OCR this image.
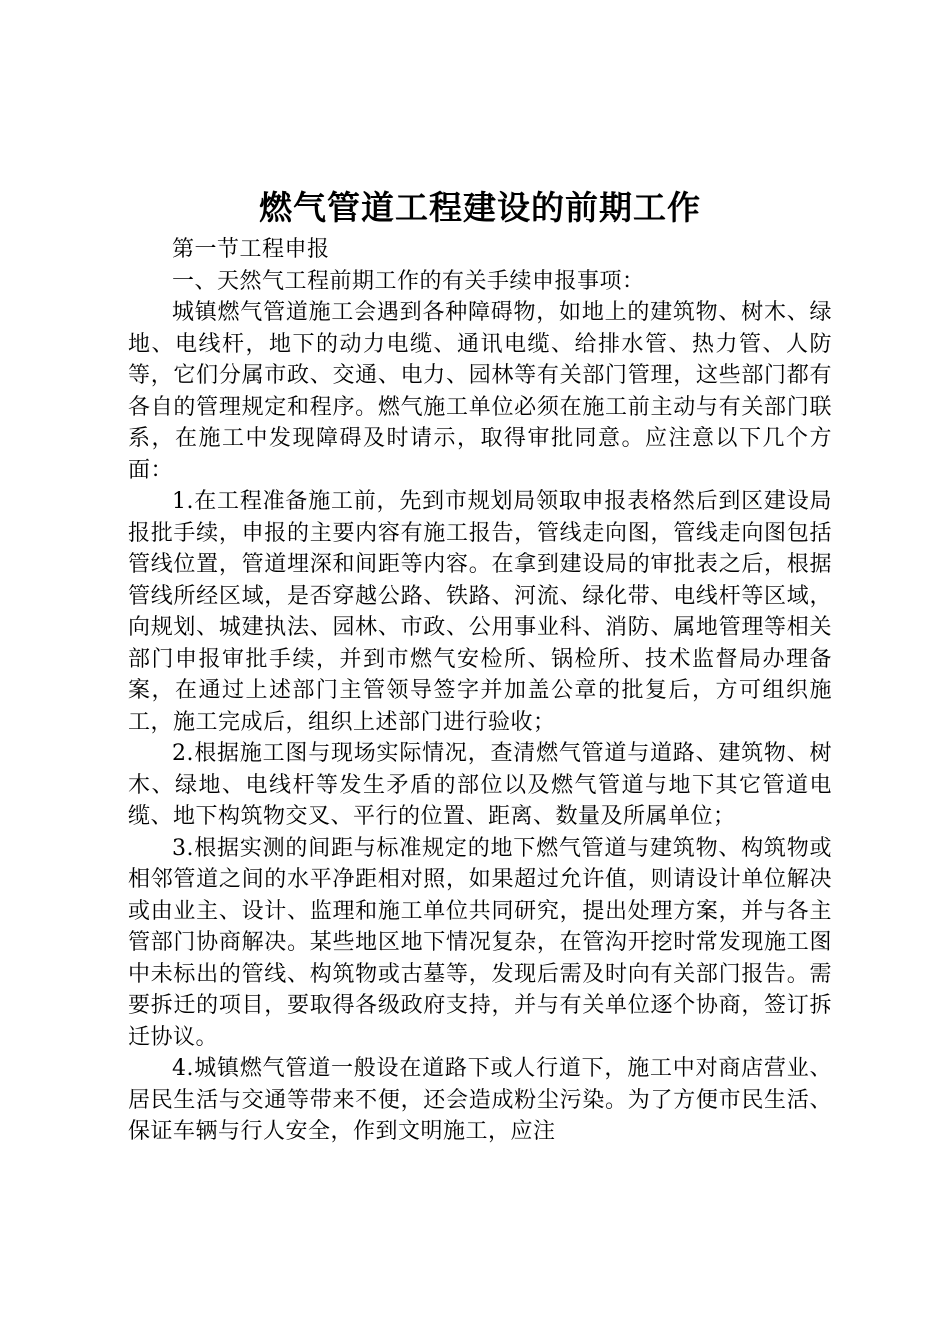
燃气管道工程建设的前期工作

第一节工程申报

一、天然气工程前期工作的有关手续申报事项：

城镇燃气管道施工会遇到各种障碍物，如地上的建筑物、树木、绿地、电线杆，地下的动力电缆、通讯电缆、给排水管、热力管、人防等，它们分属市政、交通、电力、园林等有关部门管理，这些部门都有各自的管理规定和程序。燃气施工单位必须在施工前主动与有关部门联系，在施工中发现障碍及时请示，取得审批同意。应注意以下几个方面：

1.在工程准备施工前，先到市规划局领取申报表格然后到区建设局报批手续，申报的主要内容有施工报告，管线走向图，管线走向图包括管线位置，管道埋深和间距等内容。在拿到建设局的审批表之后，根据管线所经区域，是否穿越公路、铁路、河流、绿化带、电线杆等区域，向规划、城建执法、园林、市政、公用事业科、消防、属地管理等相关部门申报审批手续，并到市燃气安检所、锅检所、技术监督局办理备案，在通过上述部门主管领导签字并加盖公章的批复后，方可组织施工，施工完成后，组织上述部门进行验收；

2.根据施工图与现场实际情况，查清燃气管道与道路、建筑物、树木、绿地、电线杆等发生矛盾的部位以及燃气管道与地下其它管道电缆、地下构筑物交叉、平行的位置、距离、数量及所属单位；

3.根据实测的间距与标准规定的地下燃气管道与建筑物、构筑物或相邻管道之间的水平净距相对照，如果超过允许值，则请设计单位解决或由业主、设计、监理和施工单位共同研究，提出处理方案，并与各主管部门协商解决。某些地区地下情况复杂，在管沟开挖时常发现施工图中未标出的管线、构筑物或古墓等，发现后需及时向有关部门报告。需要拆迁的项目，要取得各级政府支持，并与有关单位逐个协商，签订拆迁协议。

4.城镇燃气管道一般设在道路下或人行道下，施工中对商店营业、居民生活与交通等带来不便，还会造成粉尘污染。为了方便市民生活、保证车辆与行人安全，作到文明施工，应注
